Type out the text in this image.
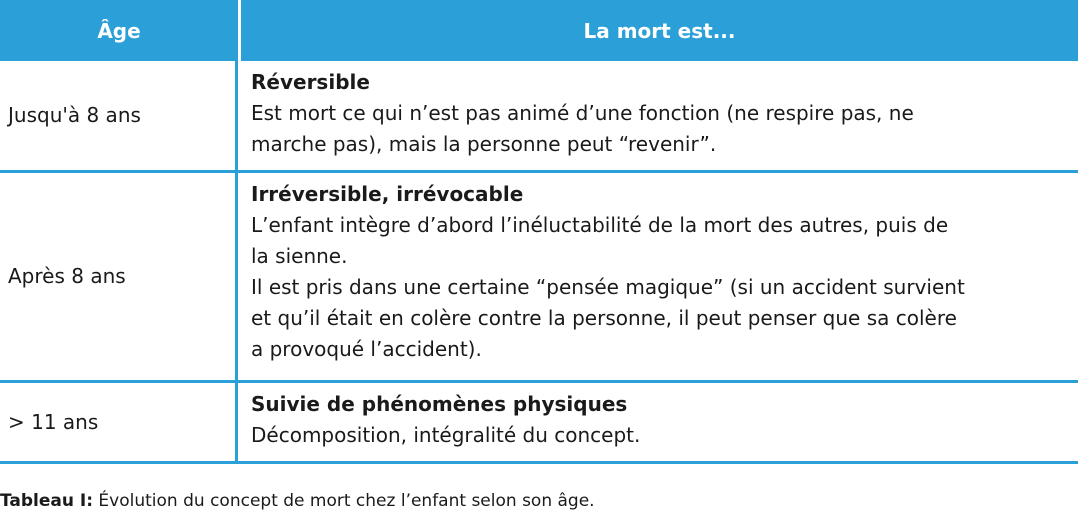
Âge	La mort est...
Jusqu'à 8 ans
Réversible
Est mort ce qui n’est pas animé d’une fonction (ne respire pas, ne
marche pas), mais la personne peut “revenir”.
Après 8 ans
Irréversible, irrévocable
L’enfant intègre d’abord l’inéluctabilité de la mort des autres, puis de
la sienne.
Il est pris dans une certaine “pensée magique” (si un accident survient
et qu’il était en colère contre la personne, il peut penser que sa colère
a provoqué l’accident).
> 11 ans
Suivie de phénomènes physiques
Décomposition, intégralité du concept.
Tableau I: Évolution du concept de mort chez l’enfant selon son âge.
